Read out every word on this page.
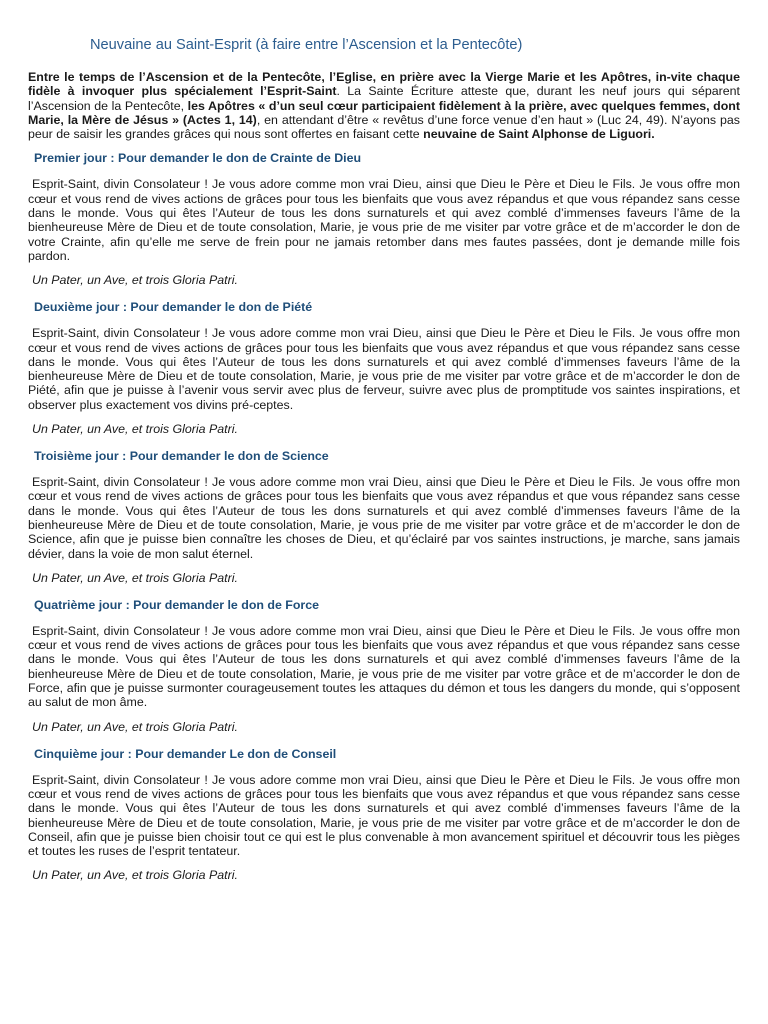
Neuvaine au Saint-Esprit (à faire entre l’Ascension et la Pentecôte)

Entre le temps de l’Ascension et de la Pentecôte, l’Eglise, en prière avec la Vierge Marie et les Apôtres, in-vite chaque fidèle à invoquer plus spécialement l’Esprit-Saint. La Sainte Écriture atteste que, durant les neuf jours qui séparent l’Ascension de la Pentecôte, les Apôtres « d’un seul cœur participaient fidèlement à la prière, avec quelques femmes, dont Marie, la Mère de Jésus » (Actes 1, 14), en attendant d’être « revêtus d’une force venue d’en haut » (Luc 24, 49). N’ayons pas peur de saisir les grandes grâces qui nous sont offertes en faisant cette neuvaine de Saint Alphonse de Liguori.

Premier jour : Pour demander le don de Crainte de Dieu

Esprit-Saint, divin Consolateur ! Je vous adore comme mon vrai Dieu, ainsi que Dieu le Père et Dieu le Fils. Je vous offre mon cœur et vous rend de vives actions de grâces pour tous les bienfaits que vous avez répandus et que vous répandez sans cesse dans le monde. Vous qui êtes l’Auteur de tous les dons surnaturels et qui avez comblé d’immenses faveurs l’âme de la bienheureuse Mère de Dieu et de toute consolation, Marie, je vous prie de me visiter par votre grâce et de m’accorder le don de votre Crainte, afin qu’elle me serve de frein pour ne jamais retomber dans mes fautes passées, dont je demande mille fois pardon.

Un Pater, un Ave, et trois Gloria Patri.

Deuxième jour : Pour demander le don de Piété

Esprit-Saint, divin Consolateur ! Je vous adore comme mon vrai Dieu, ainsi que Dieu le Père et Dieu le Fils. Je vous offre mon cœur et vous rend de vives actions de grâces pour tous les bienfaits que vous avez répandus et que vous répandez sans cesse dans le monde. Vous qui êtes l’Auteur de tous les dons surnaturels et qui avez comblé d’immenses faveurs l’âme de la bienheureuse Mère de Dieu et de toute consolation, Marie, je vous prie de me visiter par votre grâce et de m’accorder le don de Piété, afin que je puisse à l’avenir vous servir avec plus de ferveur, suivre avec plus de promptitude vos saintes inspirations, et observer plus exactement vos divins pré-ceptes.

Un Pater, un Ave, et trois Gloria Patri.

Troisième jour : Pour demander le don de Science

Esprit-Saint, divin Consolateur ! Je vous adore comme mon vrai Dieu, ainsi que Dieu le Père et Dieu le Fils. Je vous offre mon cœur et vous rend de vives actions de grâces pour tous les bienfaits que vous avez répandus et que vous répandez sans cesse dans le monde. Vous qui êtes l’Auteur de tous les dons surnaturels et qui avez comblé d’immenses faveurs l’âme de la bienheureuse Mère de Dieu et de toute consolation, Marie, je vous prie de me visiter par votre grâce et de m’accorder le don de Science, afin que je puisse bien connaître les choses de Dieu, et qu’éclairé par vos saintes instructions, je marche, sans jamais dévier, dans la voie de mon salut éternel.

Un Pater, un Ave, et trois Gloria Patri.

Quatrième jour : Pour demander le don de Force

Esprit-Saint, divin Consolateur ! Je vous adore comme mon vrai Dieu, ainsi que Dieu le Père et Dieu le Fils. Je vous offre mon cœur et vous rend de vives actions de grâces pour tous les bienfaits que vous avez répandus et que vous répandez sans cesse dans le monde. Vous qui êtes l’Auteur de tous les dons surnaturels et qui avez comblé d’immenses faveurs l’âme de la bienheureuse Mère de Dieu et de toute consolation, Marie, je vous prie de me visiter par votre grâce et de m’accorder le don de Force, afin que je puisse surmonter courageusement toutes les attaques du démon et tous les dangers du monde, qui s’opposent au salut de mon âme.

Un Pater, un Ave, et trois Gloria Patri.

Cinquième jour : Pour demander Le don de Conseil

Esprit-Saint, divin Consolateur ! Je vous adore comme mon vrai Dieu, ainsi que Dieu le Père et Dieu le Fils. Je vous offre mon cœur et vous rend de vives actions de grâces pour tous les bienfaits que vous avez répandus et que vous répandez sans cesse dans le monde. Vous qui êtes l’Auteur de tous les dons surnaturels et qui avez comblé d’immenses faveurs l’âme de la bienheureuse Mère de Dieu et de toute consolation, Marie, je vous prie de me visiter par votre grâce et de m’accorder le don de Conseil, afin que je puisse bien choisir tout ce qui est le plus convenable à mon avancement spirituel et découvrir tous les pièges et toutes les ruses de l’esprit tentateur.

Un Pater, un Ave, et trois Gloria Patri.
